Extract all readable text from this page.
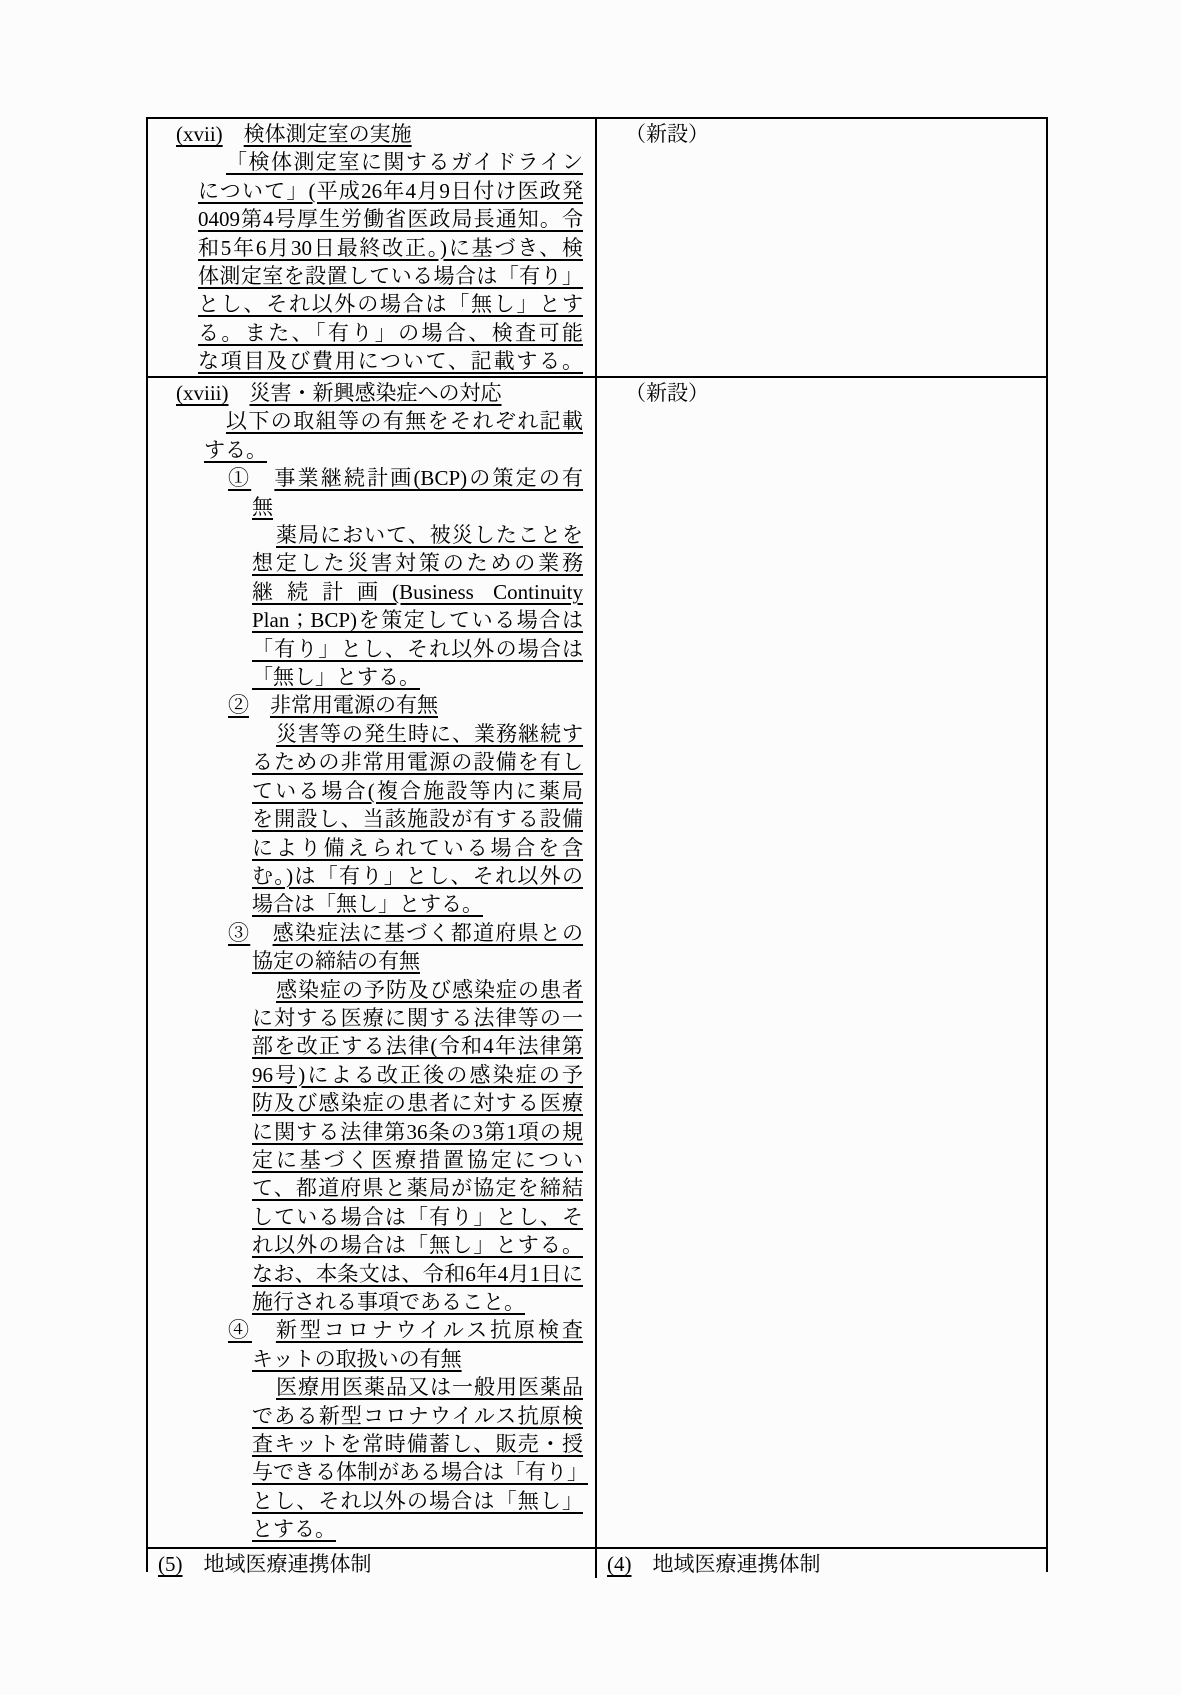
(xvii)　 検体測定室の実施
「検体測定室に関するガイドライン
について」(平成26年4月9日付け医政発
0409第4号厚生労働省医政局長通知。令
和5年6月30日最終改正。)に基づき、検
体測定室を設置している場合は「有り」
とし、それ以外の場合は「無し」とす
る。また、「有り」の場合、検査可能
な項目及び費用について、記載する。
（新設）
(xviii)　 災害・新興感染症への対応
以下の取組等の有無をそれぞれ記載
する。
①　 事業継続計画(BCP)の策定の有
無
薬局において、被災したことを
想定した災害対策のための業務
継続計画(Business Continuity
Plan；BCP)を策定している場合は
「有り」とし、それ以外の場合は
「無し」とする。
②　 非常用電源の有無
災害等の発生時に、業務継続す
るための非常用電源の設備を有し
ている場合(複合施設等内に薬局
を開設し、当該施設が有する設備
により備えられている場合を含
む。)は「有り」とし、それ以外の
場合は「無し」とする。
③　 感染症法に基づく都道府県との
協定の締結の有無
感染症の予防及び感染症の患者
に対する医療に関する法律等の一
部を改正する法律(令和4年法律第
96号)による改正後の感染症の予
防及び感染症の患者に対する医療
に関する法律第36条の3第1項の規
定に基づく医療措置協定につい
て、都道府県と薬局が協定を締結
している場合は「有り」とし、そ
れ以外の場合は「無し」とする。
なお、本条文は、令和6年4月1日に
施行される事項であること。
④　 新型コロナウイルス抗原検査
キットの取扱いの有無
医療用医薬品又は一般用医薬品
である新型コロナウイルス抗原検
査キットを常時備蓄し、販売・授
与できる体制がある場合は「有り」
とし、それ以外の場合は「無し」
とする。
（新設）
(5)　 地域医療連携体制	(4)　 地域医療連携体制
